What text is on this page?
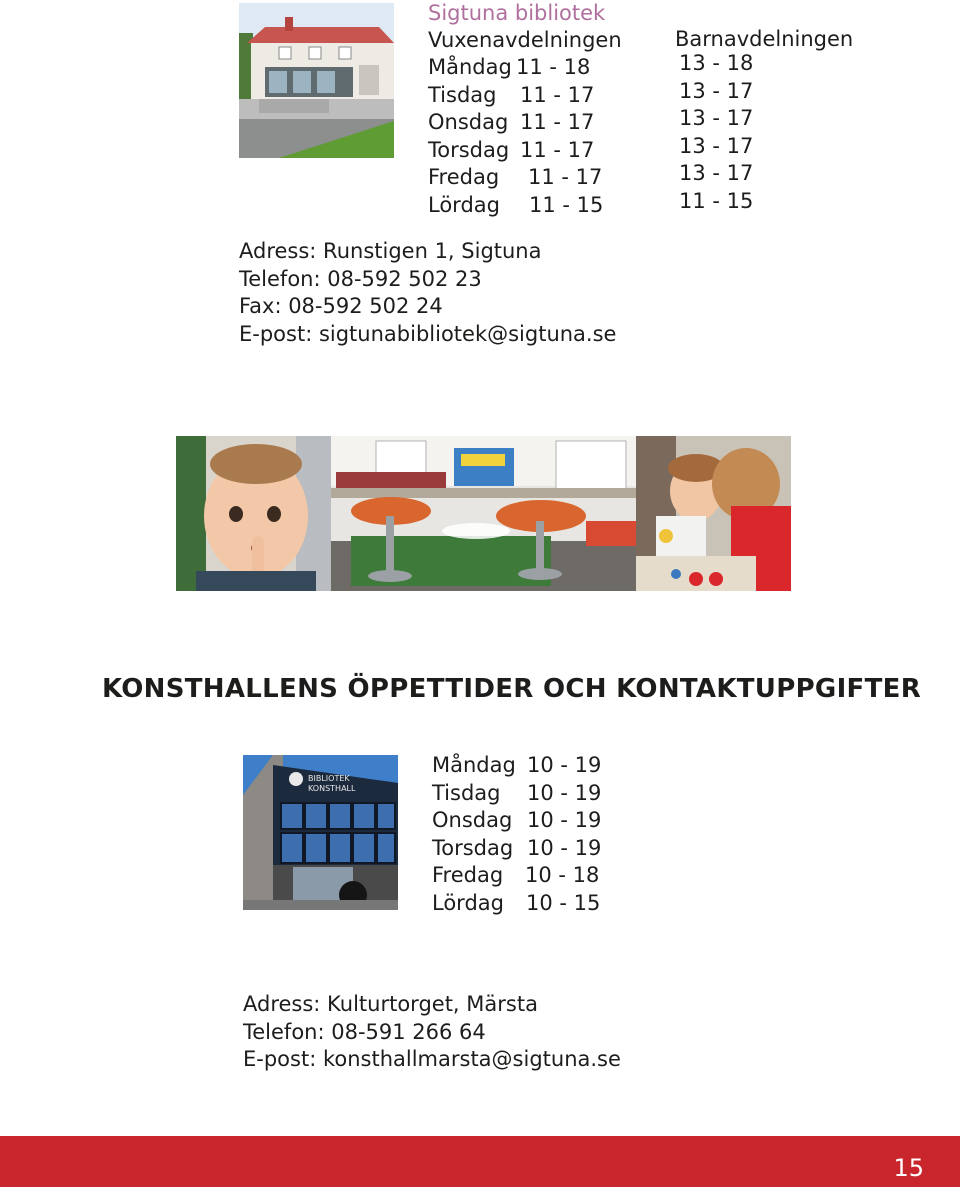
Sigtuna bibliotek
Vuxenavdelningen	Barnavdelningen
Måndag 11 - 18
Tisdag 11 - 17
Onsdag 11 - 17
Torsdag 11 - 17
Fredag 11 - 17
Lördag 11 - 15
13 - 18
13 - 17
13 - 17
13 - 17
13 - 17
11 - 15
Adress: Runstigen 1, Sigtuna
Telefon: 08-592 502 23
Fax: 08-592 502 24
E-post: sigtunabibliotek@sigtuna.se
KONSTHALLENS ÖPPETTIDER OCH KONTAKTUPPGIFTER
BIBLIOTEK
KONSTHALL
Måndag 10 - 19
Tisdag 10 - 19
Onsdag 10 - 19
Torsdag 10 - 19
Fredag 10 - 18
Lördag 10 - 15
Adress: Kulturtorget, Märsta
Telefon: 08-591 266 64
E-post: konsthallmarsta@sigtuna.se
15
